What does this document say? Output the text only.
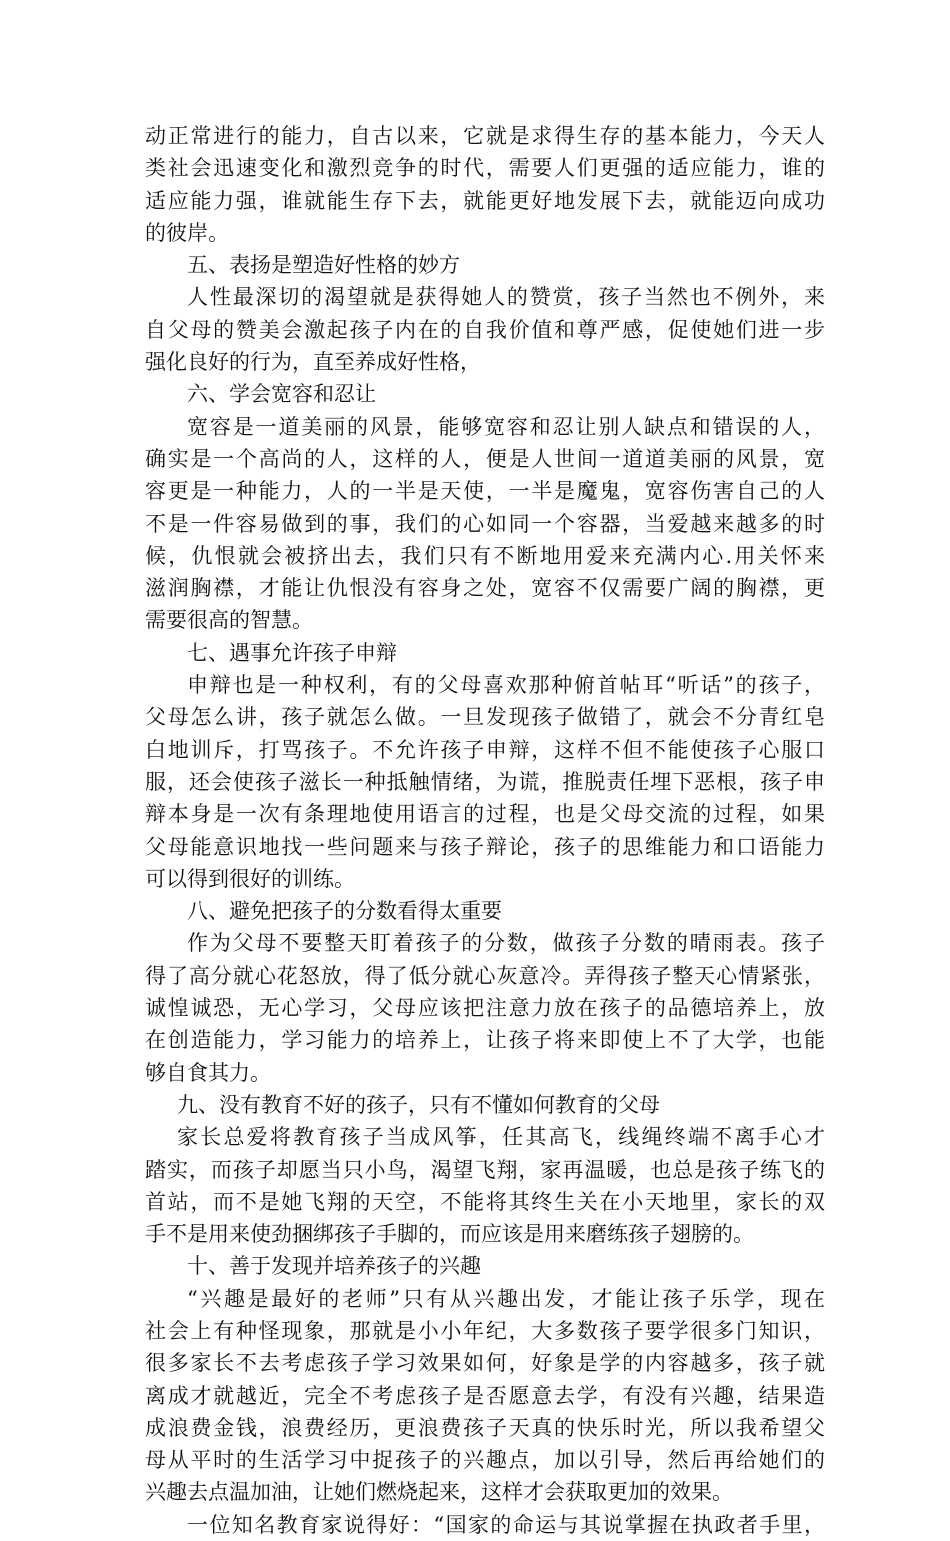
动正常进行的能力，自古以来，它就是求得生存的基本能力，今天人
类社会迅速变化和激烈竞争的时代，需要人们更强的适应能力，谁的
适应能力强，谁就能生存下去，就能更好地发展下去，就能迈向成功
的彼岸。
五、表扬是塑造好性格的妙方
人性最深切的渴望就是获得她人的赞赏，孩子当然也不例外，来
自父母的赞美会激起孩子内在的自我价值和尊严感，促使她们进一步
强化良好的行为，直至养成好性格，
六、学会宽容和忍让
宽容是一道美丽的风景，能够宽容和忍让别人缺点和错误的人，
确实是一个高尚的人，这样的人，便是人世间一道道美丽的风景，宽
容更是一种能力，人的一半是天使，一半是魔鬼，宽容伤害自己的人
不是一件容易做到的事，我们的心如同一个容器，当爱越来越多的时
候，仇恨就会被挤出去，我们只有不断地用爱来充满内心.用关怀来
滋润胸襟，才能让仇恨没有容身之处，宽容不仅需要广阔的胸襟，更
需要很高的智慧。
七、遇事允许孩子申辩
申辩也是一种权利，有的父母喜欢那种俯首帖耳“听话”的孩子，
父母怎么讲，孩子就怎么做。一旦发现孩子做错了，就会不分青红皂
白地训斥，打骂孩子。不允许孩子申辩，这样不但不能使孩子心服口
服，还会使孩子滋长一种抵触情绪，为谎，推脱责任埋下恶根，孩子申
辩本身是一次有条理地使用语言的过程，也是父母交流的过程，如果
父母能意识地找一些问题来与孩子辩论，孩子的思维能力和口语能力
可以得到很好的训练。
八、避免把孩子的分数看得太重要
作为父母不要整天盯着孩子的分数，做孩子分数的晴雨表。孩子
得了高分就心花怒放，得了低分就心灰意冷。弄得孩子整天心情紧张，
诚惶诚恐，无心学习，父母应该把注意力放在孩子的品德培养上，放
在创造能力，学习能力的培养上，让孩子将来即使上不了大学，也能
够自食其力。
九、没有教育不好的孩子，只有不懂如何教育的父母
家长总爱将教育孩子当成风筝，任其高飞，线绳终端不离手心才
踏实，而孩子却愿当只小鸟，渴望飞翔，家再温暖，也总是孩子练飞的
首站，而不是她飞翔的天空，不能将其终生关在小天地里，家长的双
手不是用来使劲捆绑孩子手脚的，而应该是用来磨练孩子翅膀的。
十、善于发现并培养孩子的兴趣
“兴趣是最好的老师”只有从兴趣出发，才能让孩子乐学，现在
社会上有种怪现象，那就是小小年纪，大多数孩子要学很多门知识，
很多家长不去考虑孩子学习效果如何，好象是学的内容越多，孩子就
离成才就越近，完全不考虑孩子是否愿意去学，有没有兴趣，结果造
成浪费金钱，浪费经历，更浪费孩子天真的快乐时光，所以我希望父
母从平时的生活学习中捉孩子的兴趣点，加以引导，然后再给她们的
兴趣去点温加油，让她们燃烧起来，这样才会获取更加的效果。
一位知名教育家说得好：“国家的命运与其说掌握在执政者手里，
